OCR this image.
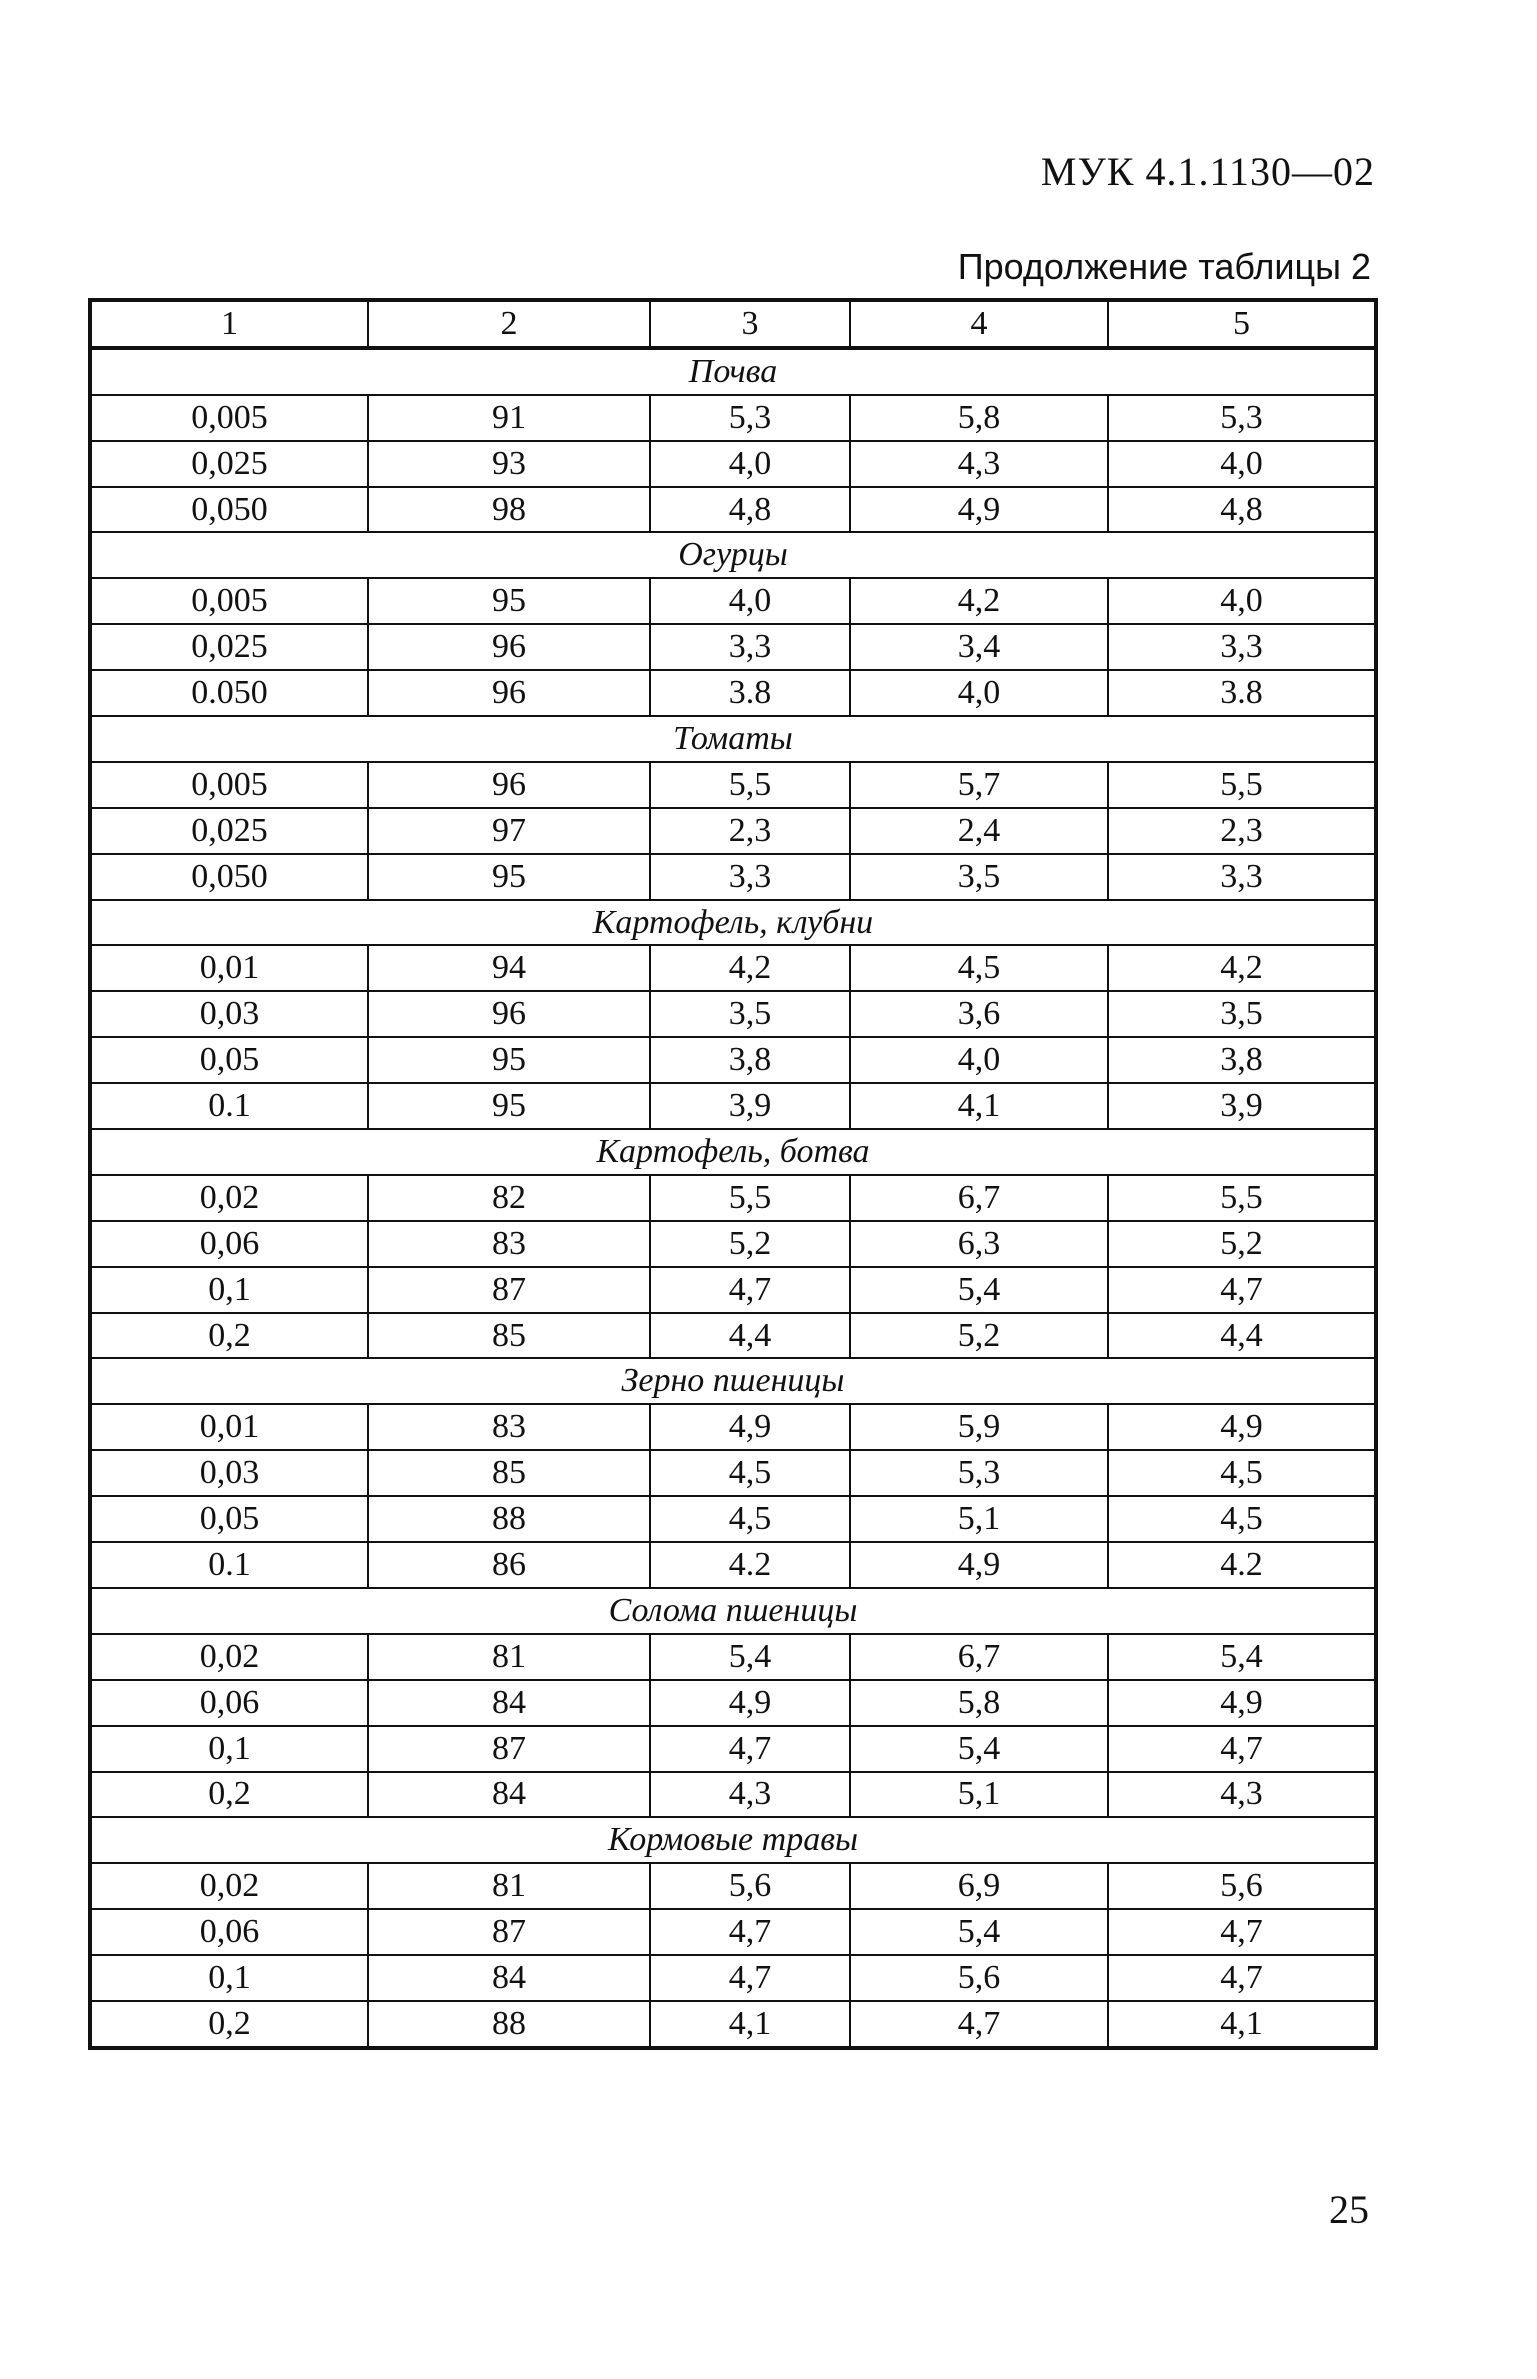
МУК 4.1.1130—02
Продолжение таблицы 2
1	2	3	4	5
Почва				
0,005	91	5,3	5,8	5,3
0,025	93	4,0	4,3	4,0
0,050	98	4,8	4,9	4,8
Огурцы				
0,005	95	4,0	4,2	4,0
0,025	96	3,3	3,4	3,3
0.050	96	3.8	4,0	3.8
Томаты				
0,005	96	5,5	5,7	5,5
0,025	97	2,3	2,4	2,3
0,050	95	3,3	3,5	3,3
Картофель, клубни				
0,01	94	4,2	4,5	4,2
0,03	96	3,5	3,6	3,5
0,05	95	3,8	4,0	3,8
0.1	95	3,9	4,1	3,9
Картофель, ботва				
0,02	82	5,5	6,7	5,5
0,06	83	5,2	6,3	5,2
0,1	87	4,7	5,4	4,7
0,2	85	4,4	5,2	4,4
Зерно пшеницы				
0,01	83	4,9	5,9	4,9
0,03	85	4,5	5,3	4,5
0,05	88	4,5	5,1	4,5
0.1	86	4.2	4,9	4.2
Солома пшеницы				
0,02	81	5,4	6,7	5,4
0,06	84	4,9	5,8	4,9
0,1	87	4,7	5,4	4,7
0,2	84	4,3	5,1	4,3
Кормовые травы				
0,02	81	5,6	6,9	5,6
0,06	87	4,7	5,4	4,7
0,1	84	4,7	5,6	4,7
0,2	88	4,1	4,7	4,1
25
